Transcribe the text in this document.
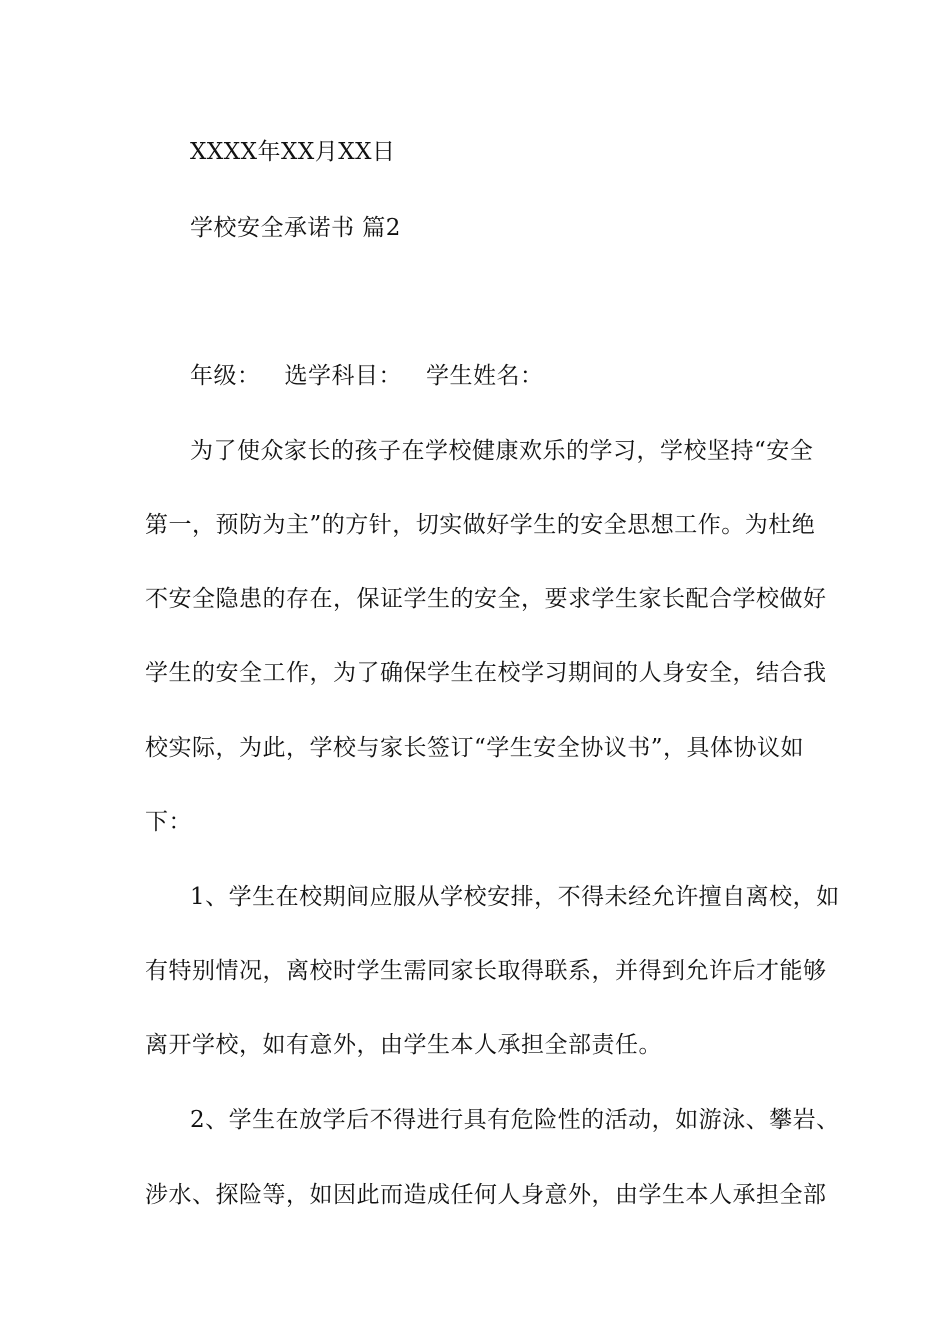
XXXX年XX月XX日
学校安全承诺书 篇2
年级： 选学科目： 学生姓名：
为了使众家长的孩子在学校健康欢乐的学习，学校坚持“安全
第一，预防为主”的方针，切实做好学生的安全思想工作。为杜绝
不安全隐患的存在，保证学生的安全，要求学生家长配合学校做好
学生的安全工作，为了确保学生在校学习期间的人身安全，结合我
校实际，为此，学校与家长签订“学生安全协议书”，具体协议如
下：
1、学生在校期间应服从学校安排，不得未经允许擅自离校，如
有特别情况，离校时学生需同家长取得联系，并得到允许后才能够
离开学校，如有意外，由学生本人承担全部责任。
2、学生在放学后不得进行具有危险性的活动，如游泳、攀岩、
涉水、探险等，如因此而造成任何人身意外，由学生本人承担全部
